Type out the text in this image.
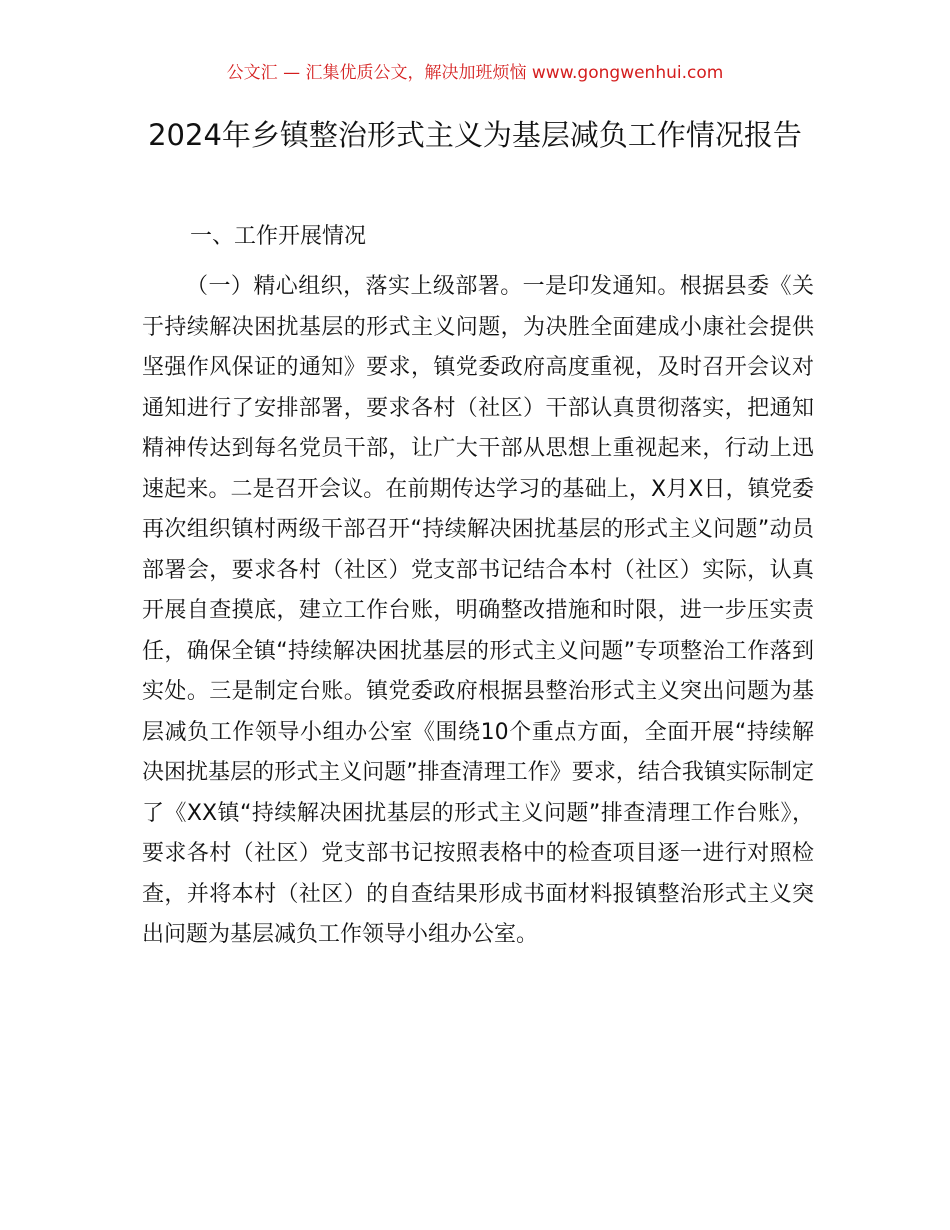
公文汇 — 汇集优质公文，解决加班烦恼 www.gongwenhui.com
2024年乡镇整治形式主义为基层减负工作情况报告
一、工作开展情况

（一）精心组织，落实上级部署。一是印发通知。根据县委《关于持续解决困扰基层的形式主义问题，为决胜全面建成小康社会提供坚强作风保证的通知》要求，镇党委政府高度重视，及时召开会议对通知进行了安排部署，要求各村（社区）干部认真贯彻落实，把通知精神传达到每名党员干部，让广大干部从思想上重视起来，行动上迅速起来。二是召开会议。在前期传达学习的基础上，X月X日，镇党委再次组织镇村两级干部召开“持续解决困扰基层的形式主义问题”动员部署会，要求各村（社区）党支部书记结合本村（社区）实际，认真开展自查摸底，建立工作台账，明确整改措施和时限，进一步压实责任，确保全镇“持续解决困扰基层的形式主义问题”专项整治工作落到实处。三是制定台账。镇党委政府根据县整治形式主义突出问题为基层减负工作领导小组办公室《围绕10个重点方面，全面开展“持续解决困扰基层的形式主义问题”排查清理工作》要求，结合我镇实际制定了《XX镇“持续解决困扰基层的形式主义问题”排查清理工作台账》，要求各村（社区）党支部书记按照表格中的检查项目逐一进行对照检查，并将本村（社区）的自查结果形成书面材料报镇整治形式主义突出问题为基层减负工作领导小组办公室。
